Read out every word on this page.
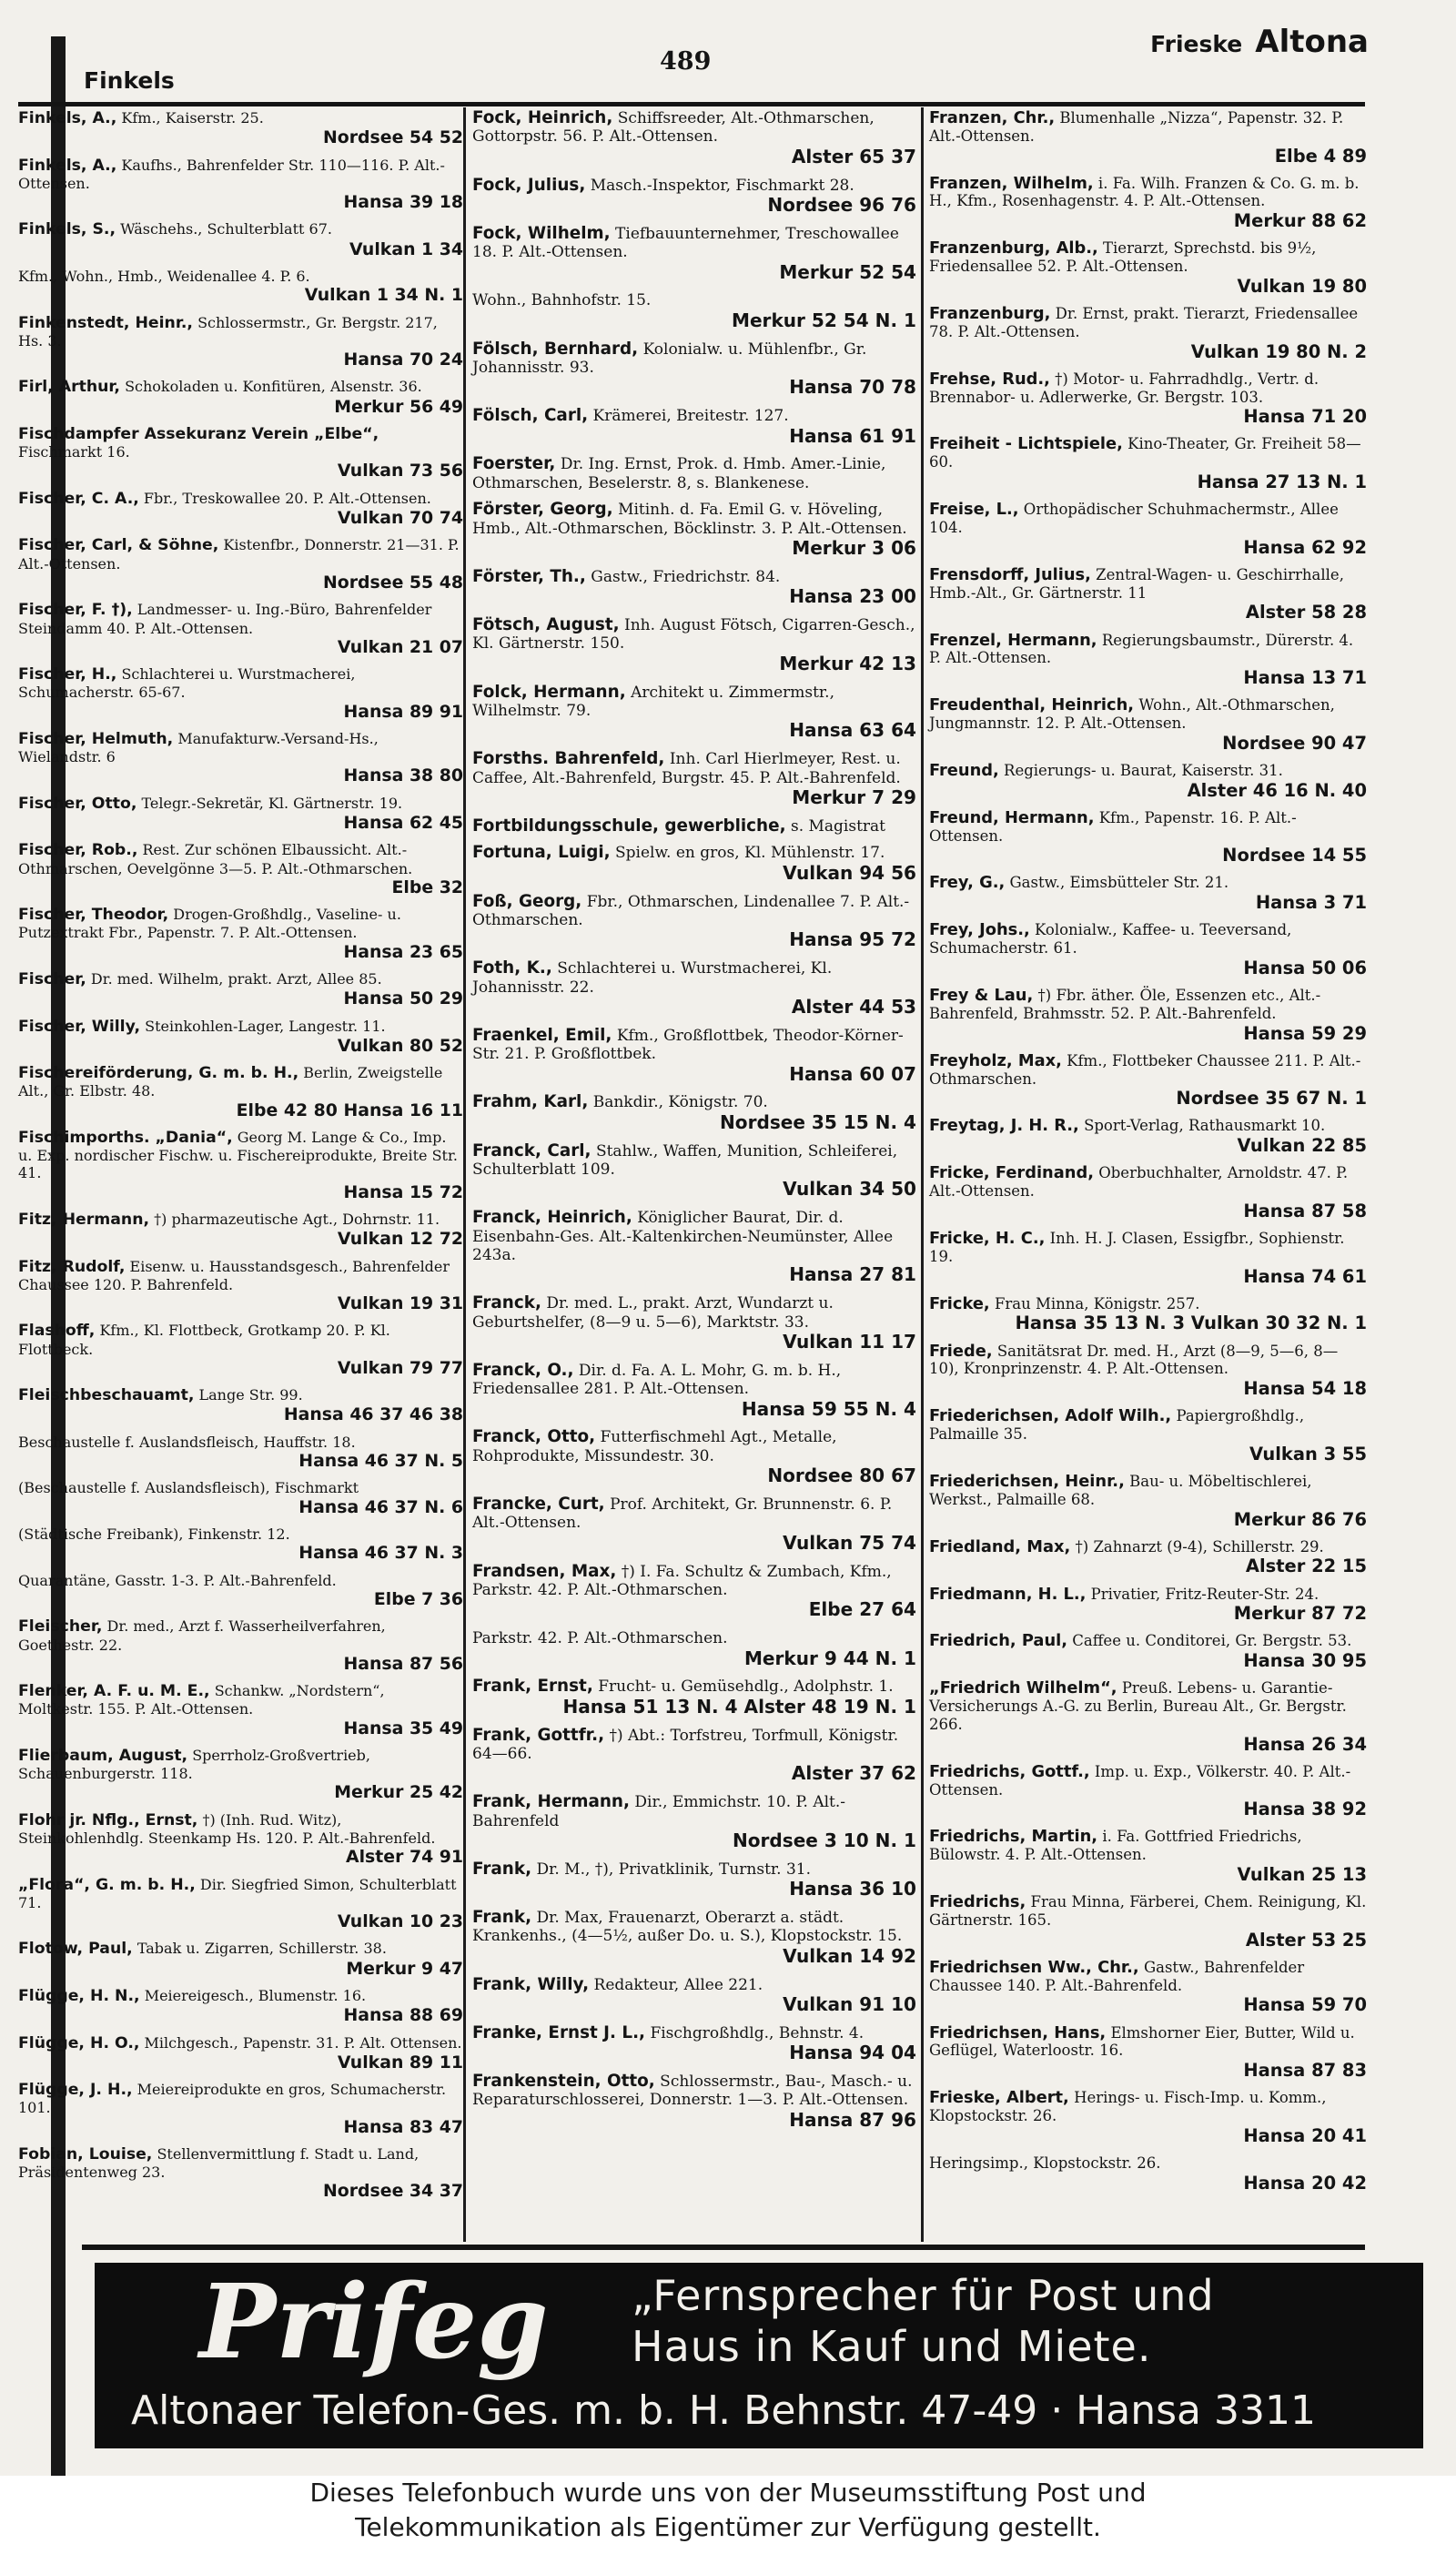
Finkels
489
Frieske Altona
Finkels, A., Kfm., Kaiserstr. 25.
Nordsee 54 52
Finkels, A., Kaufhs., Bahrenfelder Str. 110—116. P. Alt.-Ottensen.
Hansa 39 18
Finkels, S., Wäschehs., Schulterblatt 67.
Vulkan 1 34
Kfm., Wohn., Hmb., Weidenallee 4. P. 6.
Vulkan 1 34 N. 1
Finkenstedt, Heinr., Schlossermstr., Gr. Bergstr. 217, Hs. 3.
Hansa 70 24
Firl, Arthur, Schokoladen u. Konfitüren, Alsenstr. 36.
Merkur 56 49
Fischdampfer Assekuranz Verein „Elbe“, Fischmarkt 16.
Vulkan 73 56
Fischer, C. A., Fbr., Treskowallee 20. P. Alt.-Ottensen.
Vulkan 70 74
Fischer, Carl, & Söhne, Kistenfbr., Donnerstr. 21—31. P. Alt.-Ottensen.
Nordsee 55 48
Fischer, F. †), Landmesser- u. Ing.-Büro, Bahrenfelder Steindamm 40. P. Alt.-Ottensen.
Vulkan 21 07
Fischer, H., Schlachterei u. Wurstmacherei, Schumacherstr. 65-67.
Hansa 89 91
Fischer, Helmuth, Manufakturw.-Versand-Hs., Wielandstr. 6
Hansa 38 80
Fischer, Otto, Telegr.-Sekretär, Kl. Gärtnerstr. 19.
Hansa 62 45
Fischer, Rob., Rest. Zur schönen Elbaussicht. Alt.-Othmarschen, Oevelgönne 3—5. P. Alt.-Othmarschen.
Elbe 32
Fischer, Theodor, Drogen-Großhdlg., Vaseline- u. Putzextrakt Fbr., Papenstr. 7. P. Alt.-Ottensen.
Hansa 23 65
Fischer, Dr. med. Wilhelm, prakt. Arzt, Allee 85.
Hansa 50 29
Fischer, Willy, Steinkohlen-Lager, Langestr. 11.
Vulkan 80 52
Fischereiförderung, G. m. b. H., Berlin, Zweigstelle Alt., Gr. Elbstr. 48.
Elbe 42 80 Hansa 16 11
Fischimporths. „Dania“, Georg M. Lange & Co., Imp. u. Exp. nordischer Fischw. u. Fischereiprodukte, Breite Str. 41.
Hansa 15 72
Fitz, Hermann, †) pharmazeutische Agt., Dohrnstr. 11.
Vulkan 12 72
Fitz, Rudolf, Eisenw. u. Hausstandsgesch., Bahrenfelder Chaussee 120. P. Bahrenfeld.
Vulkan 19 31
Flashoff, Kfm., Kl. Flottbeck, Grotkamp 20. P. Kl. Flottbeck.
Vulkan 79 77
Fleischbeschauamt, Lange Str. 99.
Hansa 46 37 46 38
Beschaustelle f. Auslandsfleisch, Hauffstr. 18.
Hansa 46 37 N. 5
(Beschaustelle f. Auslandsfleisch), Fischmarkt
Hansa 46 37 N. 6
(Städtische Freibank), Finkenstr. 12.
Hansa 46 37 N. 3
Quarantäne, Gasstr. 1-3. P. Alt.-Bahrenfeld.
Elbe 7 36
Fleischer, Dr. med., Arzt f. Wasserheilverfahren, Goethestr. 22.
Hansa 87 56
Flenker, A. F. u. M. E., Schankw. „Nordstern“, Moltkestr. 155. P. Alt.-Ottensen.
Hansa 35 49
Flierbaum, August, Sperrholz-Großvertrieb, Schauenburgerstr. 118.
Merkur 25 42
Flohr jr. Nflg., Ernst, †) (Inh. Rud. Witz), Steinkohlenhdlg. Steenkamp Hs. 120. P. Alt.-Bahrenfeld.
Alster 74 91
„Flora“, G. m. b. H., Dir. Siegfried Simon, Schulterblatt 71.
Vulkan 10 23
Flotow, Paul, Tabak u. Zigarren, Schillerstr. 38.
Merkur 9 47
Flügge, H. N., Meiereigesch., Blumenstr. 16.
Hansa 88 69
Flügge, H. O., Milchgesch., Papenstr. 31. P. Alt. Ottensen.
Vulkan 89 11
Flügge, J. H., Meiereiprodukte en gros, Schumacherstr. 101.
Hansa 83 47
Fobian, Louise, Stellenvermittlung f. Stadt u. Land, Präsidentenweg 23.
Nordsee 34 37
Fock, Heinrich, Schiffsreeder, Alt.-Othmarschen, Gottorpstr. 56. P. Alt.-Ottensen.
Alster 65 37
Fock, Julius, Masch.-Inspektor, Fischmarkt 28.
Nordsee 96 76
Fock, Wilhelm, Tiefbauunternehmer, Treschowallee 18. P. Alt.-Ottensen.
Merkur 52 54
Wohn., Bahnhofstr. 15.
Merkur 52 54 N. 1
Fölsch, Bernhard, Kolonialw. u. Mühlenfbr., Gr. Johannisstr. 93.
Hansa 70 78
Fölsch, Carl, Krämerei, Breitestr. 127.
Hansa 61 91
Foerster, Dr. Ing. Ernst, Prok. d. Hmb. Amer.-Linie, Othmarschen, Beselerstr. 8, s. Blankenese.
Förster, Georg, Mitinh. d. Fa. Emil G. v. Höveling, Hmb., Alt.-Othmarschen, Böcklinstr. 3. P. Alt.-Ottensen.
Merkur 3 06
Förster, Th., Gastw., Friedrichstr. 84.
Hansa 23 00
Fötsch, August, Inh. August Fötsch, Cigarren-Gesch., Kl. Gärtnerstr. 150.
Merkur 42 13
Folck, Hermann, Architekt u. Zimmermstr., Wilhelmstr. 79.
Hansa 63 64
Forsths. Bahrenfeld, Inh. Carl Hierlmeyer, Rest. u. Caffee, Alt.-Bahrenfeld, Burgstr. 45. P. Alt.-Bahrenfeld.
Merkur 7 29
Fortbildungsschule, gewerbliche, s. Magistrat
Fortuna, Luigi, Spielw. en gros, Kl. Mühlenstr. 17.
Vulkan 94 56
Foß, Georg, Fbr., Othmarschen, Lindenallee 7. P. Alt.-Othmarschen.
Hansa 95 72
Foth, K., Schlachterei u. Wurstmacherei, Kl. Johannisstr. 22.
Alster 44 53
Fraenkel, Emil, Kfm., Großflottbek, Theodor-Körner-Str. 21. P. Großflottbek.
Hansa 60 07
Frahm, Karl, Bankdir., Königstr. 70.
Nordsee 35 15 N. 4
Franck, Carl, Stahlw., Waffen, Munition, Schleiferei, Schulterblatt 109.
Vulkan 34 50
Franck, Heinrich, Königlicher Baurat, Dir. d. Eisenbahn-Ges. Alt.-Kaltenkirchen-Neumünster, Allee 243a.
Hansa 27 81
Franck, Dr. med. L., prakt. Arzt, Wundarzt u. Geburtshelfer, (8—9 u. 5—6), Marktstr. 33.
Vulkan 11 17
Franck, O., Dir. d. Fa. A. L. Mohr, G. m. b. H., Friedensallee 281. P. Alt.-Ottensen.
Hansa 59 55 N. 4
Franck, Otto, Futterfischmehl Agt., Metalle, Rohprodukte, Missundestr. 30.
Nordsee 80 67
Francke, Curt, Prof. Architekt, Gr. Brunnenstr. 6. P. Alt.-Ottensen.
Vulkan 75 74
Frandsen, Max, †) I. Fa. Schultz & Zumbach, Kfm., Parkstr. 42. P. Alt.-Othmarschen.
Elbe 27 64
Parkstr. 42. P. Alt.-Othmarschen.
Merkur 9 44 N. 1
Frank, Ernst, Frucht- u. Gemüsehdlg., Adolphstr. 1.
Hansa 51 13 N. 4 Alster 48 19 N. 1
Frank, Gottfr., †) Abt.: Torfstreu, Torfmull, Königstr. 64—66.
Alster 37 62
Frank, Hermann, Dir., Emmichstr. 10. P. Alt.-Bahrenfeld
Nordsee 3 10 N. 1
Frank, Dr. M., †), Privatklinik, Turnstr. 31.
Hansa 36 10
Frank, Dr. Max, Frauenarzt, Oberarzt a. städt. Krankenhs., (4—5½, außer Do. u. S.), Klopstockstr. 15.
Vulkan 14 92
Frank, Willy, Redakteur, Allee 221.
Vulkan 91 10
Franke, Ernst J. L., Fischgroßhdlg., Behnstr. 4.
Hansa 94 04
Frankenstein, Otto, Schlossermstr., Bau-, Masch.- u. Reparaturschlosserei, Donnerstr. 1—3. P. Alt.-Ottensen.
Hansa 87 96
Franzen, Chr., Blumenhalle „Nizza“, Papenstr. 32. P. Alt.-Ottensen.
Elbe 4 89
Franzen, Wilhelm, i. Fa. Wilh. Franzen & Co. G. m. b. H., Kfm., Rosenhagenstr. 4. P. Alt.-Ottensen.
Merkur 88 62
Franzenburg, Alb., Tierarzt, Sprechstd. bis 9½, Friedensallee 52. P. Alt.-Ottensen.
Vulkan 19 80
Franzenburg, Dr. Ernst, prakt. Tierarzt, Friedensallee 78. P. Alt.-Ottensen.
Vulkan 19 80 N. 2
Frehse, Rud., †) Motor- u. Fahrradhdlg., Vertr. d. Brennabor- u. Adlerwerke, Gr. Bergstr. 103.
Hansa 71 20
Freiheit - Lichtspiele, Kino-Theater, Gr. Freiheit 58—60.
Hansa 27 13 N. 1
Freise, L., Orthopädischer Schuhmachermstr., Allee 104.
Hansa 62 92
Frensdorff, Julius, Zentral-Wagen- u. Geschirrhalle, Hmb.-Alt., Gr. Gärtnerstr. 11
Alster 58 28
Frenzel, Hermann, Regierungsbaumstr., Dürerstr. 4. P. Alt.-Ottensen.
Hansa 13 71
Freudenthal, Heinrich, Wohn., Alt.-Othmarschen, Jungmannstr. 12. P. Alt.-Ottensen.
Nordsee 90 47
Freund, Regierungs- u. Baurat, Kaiserstr. 31.
Alster 46 16 N. 40
Freund, Hermann, Kfm., Papenstr. 16. P. Alt.-Ottensen.
Nordsee 14 55
Frey, G., Gastw., Eimsbütteler Str. 21.
Hansa 3 71
Frey, Johs., Kolonialw., Kaffee- u. Teeversand, Schumacherstr. 61.
Hansa 50 06
Frey & Lau, †) Fbr. äther. Öle, Essenzen etc., Alt.-Bahrenfeld, Brahmsstr. 52. P. Alt.-Bahrenfeld.
Hansa 59 29
Freyholz, Max, Kfm., Flottbeker Chaussee 211. P. Alt.-Othmarschen.
Nordsee 35 67 N. 1
Freytag, J. H. R., Sport-Verlag, Rathausmarkt 10.
Vulkan 22 85
Fricke, Ferdinand, Oberbuchhalter, Arnoldstr. 47. P. Alt.-Ottensen.
Hansa 87 58
Fricke, H. C., Inh. H. J. Clasen, Essigfbr., Sophienstr. 19.
Hansa 74 61
Fricke, Frau Minna, Königstr. 257.
Hansa 35 13 N. 3 Vulkan 30 32 N. 1
Friede, Sanitätsrat Dr. med. H., Arzt (8—9, 5—6, 8—10), Kronprinzenstr. 4. P. Alt.-Ottensen.
Hansa 54 18
Friederichsen, Adolf Wilh., Papiergroßhdlg., Palmaille 35.
Vulkan 3 55
Friederichsen, Heinr., Bau- u. Möbeltischlerei, Werkst., Palmaille 68.
Merkur 86 76
Friedland, Max, †) Zahnarzt (9-4), Schillerstr. 29.
Alster 22 15
Friedmann, H. L., Privatier, Fritz-Reuter-Str. 24.
Merkur 87 72
Friedrich, Paul, Caffee u. Conditorei, Gr. Bergstr. 53.
Hansa 30 95
„Friedrich Wilhelm“, Preuß. Lebens- u. Garantie-Versicherungs A.-G. zu Berlin, Bureau Alt., Gr. Bergstr. 266.
Hansa 26 34
Friedrichs, Gottf., Imp. u. Exp., Völkerstr. 40. P. Alt.-Ottensen.
Hansa 38 92
Friedrichs, Martin, i. Fa. Gottfried Friedrichs, Bülowstr. 4. P. Alt.-Ottensen.
Vulkan 25 13
Friedrichs, Frau Minna, Färberei, Chem. Reinigung, Kl. Gärtnerstr. 165.
Alster 53 25
Friedrichsen Ww., Chr., Gastw., Bahrenfelder Chaussee 140. P. Alt.-Bahrenfeld.
Hansa 59 70
Friedrichsen, Hans, Elmshorner Eier, Butter, Wild u. Geflügel, Waterloostr. 16.
Hansa 87 83
Frieske, Albert, Herings- u. Fisch-Imp. u. Komm., Klopstockstr. 26.
Hansa 20 41
Heringsimp., Klopstockstr. 26.
Hansa 20 42
Prifeg „Fernsprecher für Post und
Haus in Kauf und Miete.
Altonaer Telefon-Ges. m. b. H. Behnstr. 47-49 · Hansa 3311
Dieses Telefonbuch wurde uns von der Museumsstiftung Post und
Telekommunikation als Eigentümer zur Verfügung gestellt.
